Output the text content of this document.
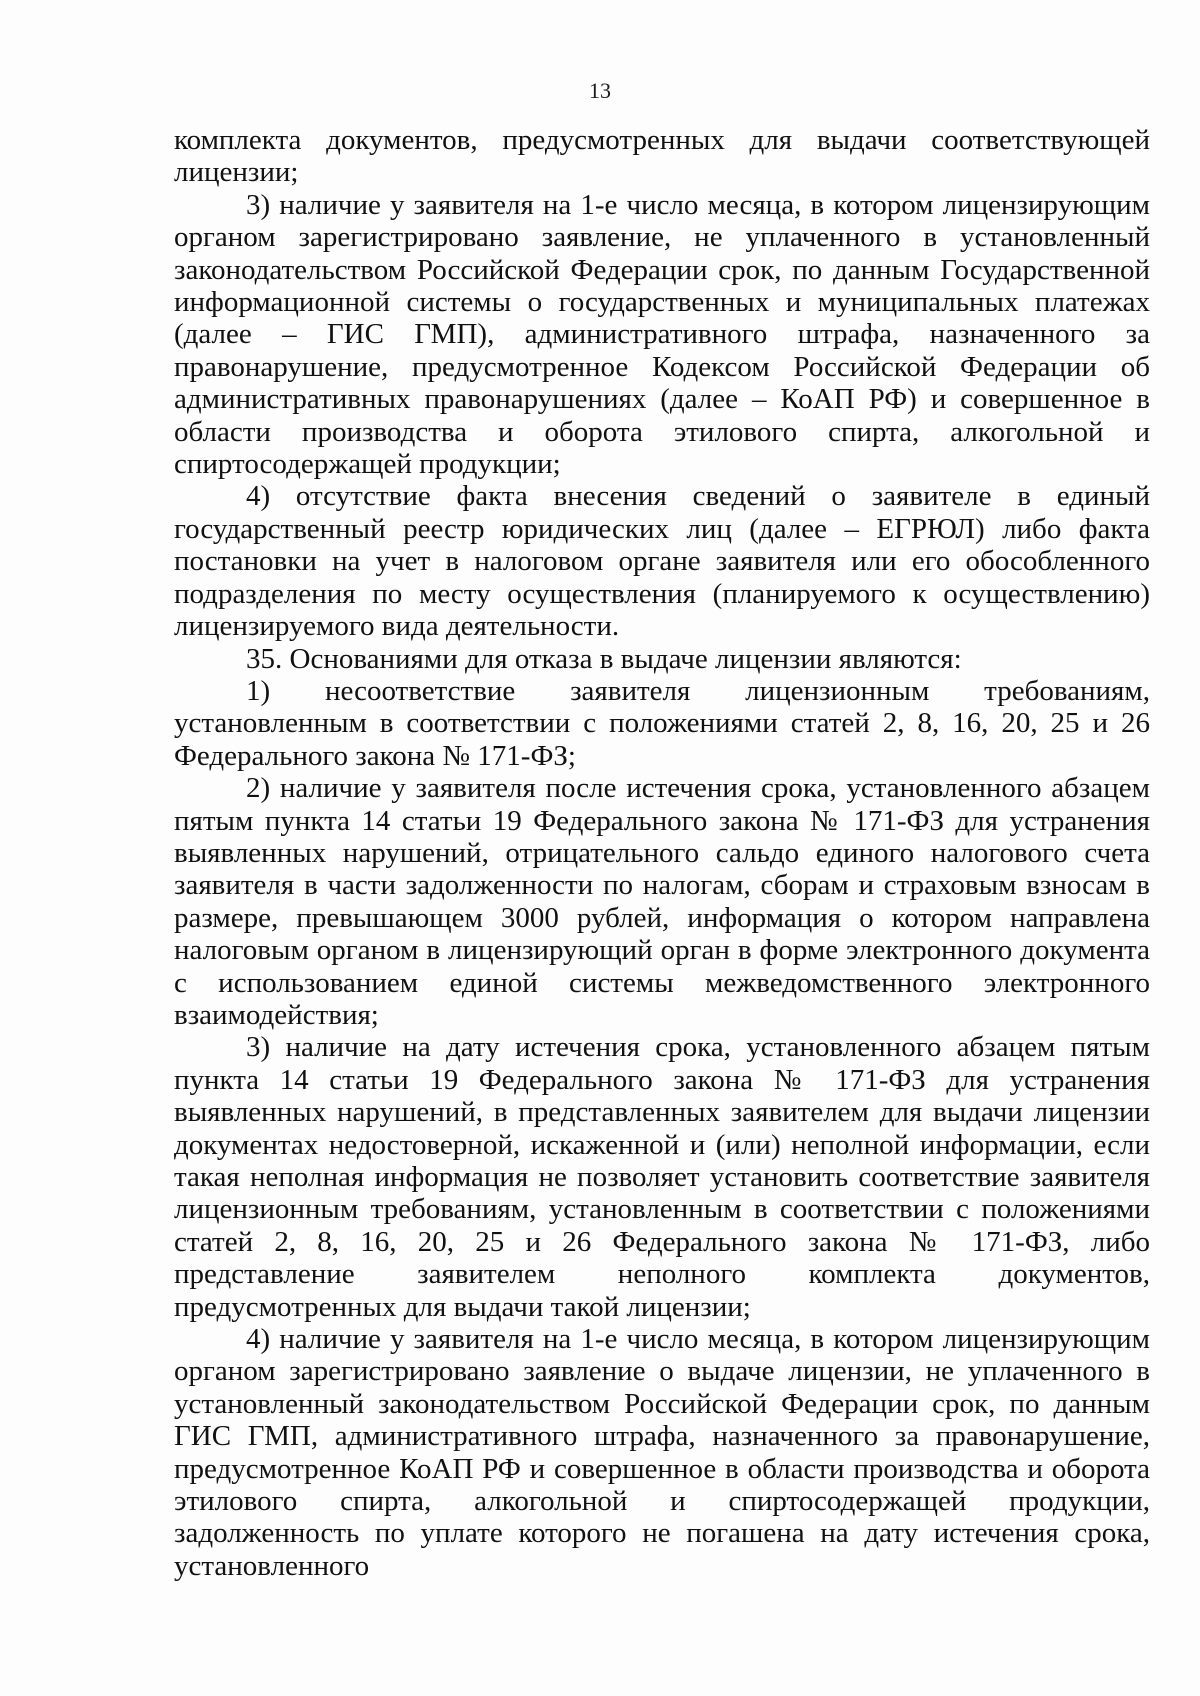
13

комплекта документов, предусмотренных для выдачи соответствующей лицензии;

3) наличие у заявителя на 1-е число месяца, в котором лицензирующим органом зарегистрировано заявление, не уплаченного в установленный законодательством Российской Федерации срок, по данным Государственной информационной системы о государственных и муниципальных платежах (далее – ГИС ГМП), административного штрафа, назначенного за правонарушение, предусмотренное Кодексом Российской Федерации об административных правонарушениях (далее – КоАП РФ) и совершенное в области производства и оборота этилового спирта, алкогольной и спиртосодержащей продукции;

4) отсутствие факта внесения сведений о заявителе в единый государственный реестр юридических лиц (далее – ЕГРЮЛ) либо факта постановки на учет в налоговом органе заявителя или его обособленного подразделения по месту осуществления (планируемого к осуществлению) лицензируемого вида деятельности.

35. Основаниями для отказа в выдаче лицензии являются:

1) несоответствие заявителя лицензионным требованиям, установленным в соответствии с положениями статей 2, 8, 16, 20, 25 и 26 Федерального закона № 171-ФЗ;

2) наличие у заявителя после истечения срока, установленного абзацем пятым пункта 14 статьи 19 Федерального закона № 171-ФЗ для устранения выявленных нарушений, отрицательного сальдо единого налогового счета заявителя в части задолженности по налогам, сборам и страховым взносам в размере, превышающем 3000 рублей, информация о котором направлена налоговым органом в лицензирующий орган в форме электронного документа с использованием единой системы межведомственного электронного взаимодействия;

3) наличие на дату истечения срока, установленного абзацем пятым пункта 14 статьи 19 Федерального закона № 171-ФЗ для устранения выявленных нарушений, в представленных заявителем для выдачи лицензии документах недостоверной, искаженной и (или) неполной информации, если такая неполная информация не позволяет установить соответствие заявителя лицензионным требованиям, установленным в соответствии с положениями статей 2, 8, 16, 20, 25 и 26 Федерального закона № 171-ФЗ, либо представление заявителем неполного комплекта документов, предусмотренных для выдачи такой лицензии;

4) наличие у заявителя на 1-е число месяца, в котором лицензирующим органом зарегистрировано заявление о выдаче лицензии, не уплаченного в установленный законодательством Российской Федерации срок, по данным ГИС ГМП, административного штрафа, назначенного за правонарушение, предусмотренное КоАП РФ и совершенное в области производства и оборота этилового спирта, алкогольной и спиртосодержащей продукции, задолженность по уплате которого не погашена на дату истечения срока, установленного
